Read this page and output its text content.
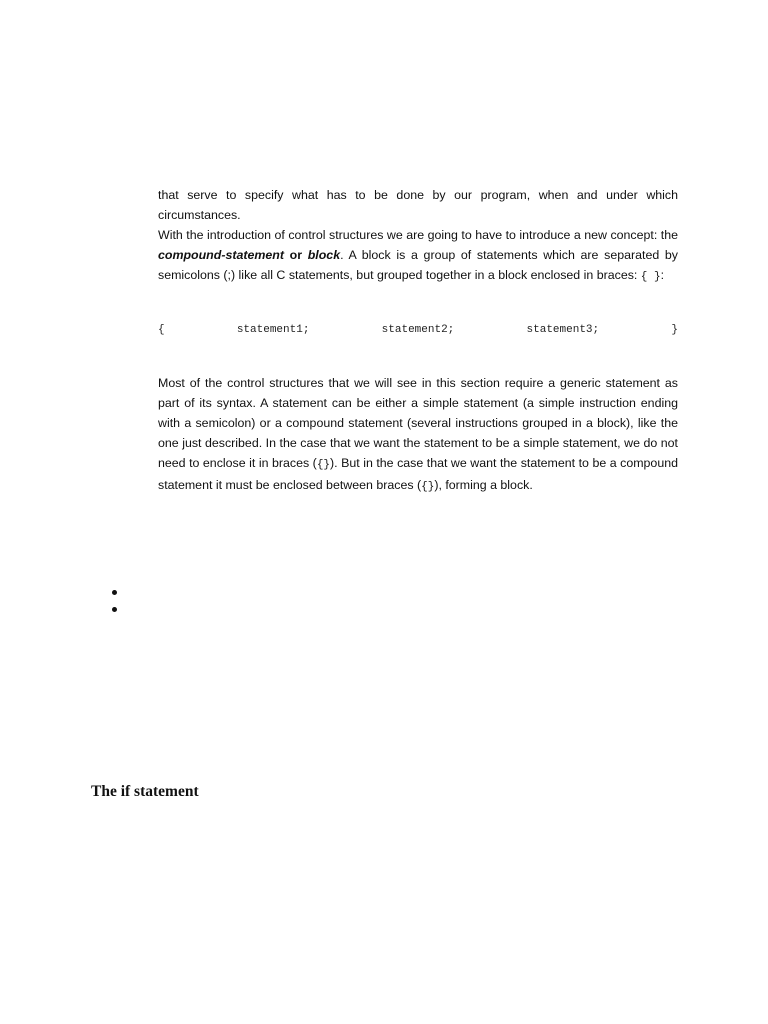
that serve to specify what has to be done by our program, when and under which circumstances.

With the introduction of control structures we are going to have to introduce a new concept: the compound-statement or block. A block is a group of statements which are separated by semicolons (;) like all C statements, but grouped together in a block enclosed in braces: { }:

{	statement1;	statement2;	statement3;	}

Most of the control structures that we will see in this section require a generic statement as part of its syntax. A statement can be either a simple statement (a simple instruction ending with a semicolon) or a compound statement (several instructions grouped in a block), like the one just described. In the case that we want the statement to be a simple statement, we do not need to enclose it in braces ({}). But in the case that we want the statement to be a compound statement it must be enclosed between braces ({}), forming a block.

The if statement
